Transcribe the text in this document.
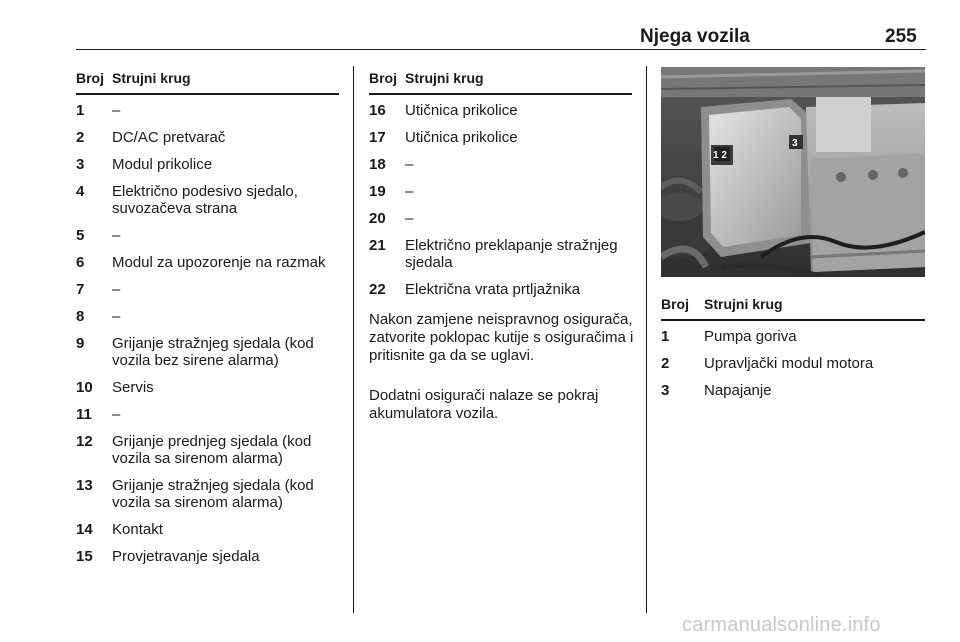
Njega vozila	255
Broj Strujni krug
1	–
2	DC/AC pretvarač
3	Modul prikolice
4	Električno podesivo sjedalo, suvozačeva strana
5	–
6	Modul za upozorenje na razmak
7	–
8	–
9	Grijanje stražnjeg sjedala (kod vozila bez sirene alarma)
10	Servis
11	–
12	Grijanje prednjeg sjedala (kod vozila sa sirenom alarma)
13	Grijanje stražnjeg sjedala (kod vozila sa sirenom alarma)
14	Kontakt
15	Provjetravanje sjedala
Broj Strujni krug
16	Utičnica prikolice
17	Utičnica prikolice
18	–
19	–
20	–
21	Električno preklapanje stražnjeg sjedala
22	Električna vrata prtljažnika
Nakon zamjene neispravnog osigurača, zatvorite poklopac kutije s osiguračima i pritisnite ga da se uglavi.
Dodatni osigurači nalaze se pokraj akumulatora vozila.
1 2
3
Broj	Strujni krug
1	Pumpa goriva
2	Upravljački modul motora
3	Napajanje
carmanualsonline.info
